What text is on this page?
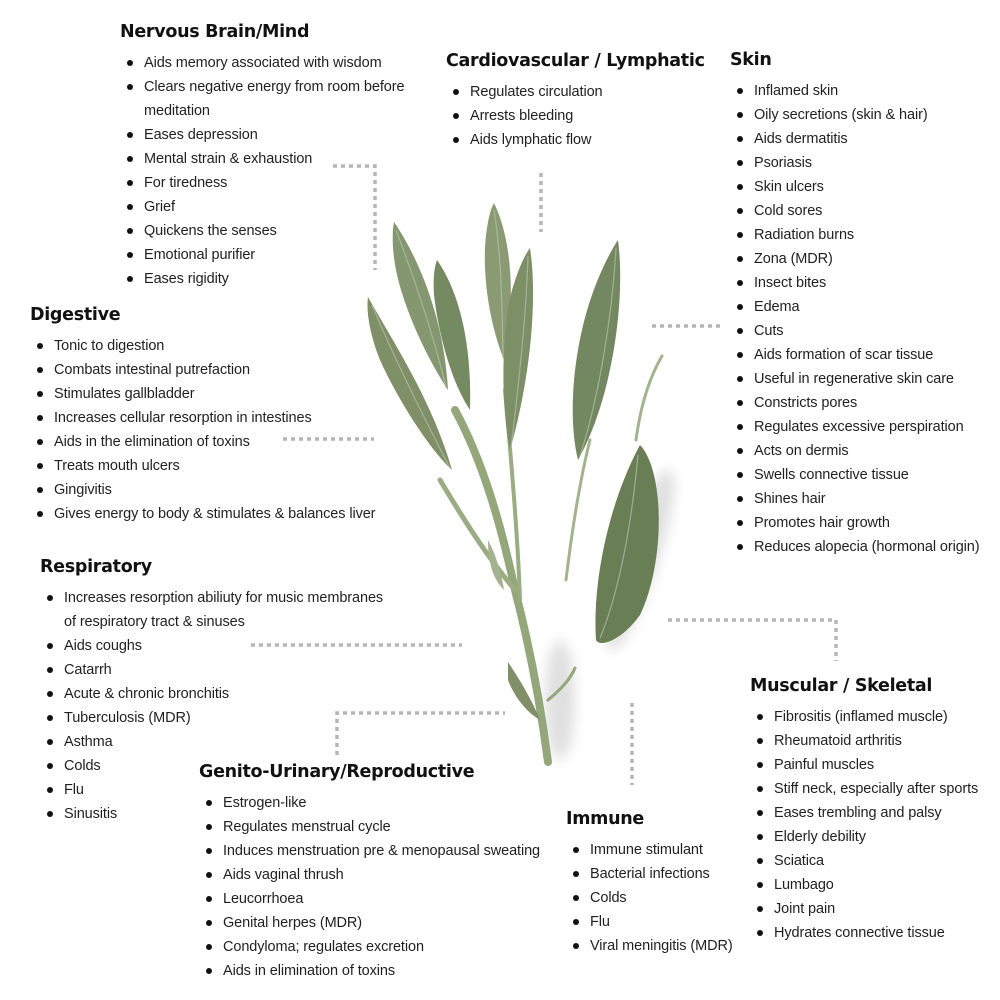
Nervous Brain/Mind
Aids memory associated with wisdom
Clears negative energy from room before meditation
Eases depression
Mental strain & exhaustion
For tiredness
Grief
Quickens the senses
Emotional purifier
Eases rigidity
Cardiovascular / Lymphatic
Regulates circulation
Arrests bleeding
Aids lymphatic flow
Skin
Inflamed skin
Oily secretions (skin & hair)
Aids dermatitis
Psoriasis
Skin ulcers
Cold sores
Radiation burns
Zona (MDR)
Insect bites
Edema
Cuts
Aids formation of scar tissue
Useful in regenerative skin care
Constricts pores
Regulates excessive perspiration
Acts on dermis
Swells connective tissue
Shines hair
Promotes hair growth
Reduces alopecia (hormonal origin)
Digestive
Tonic to digestion
Combats intestinal putrefaction
Stimulates gallbladder
Increases cellular resorption in intestines
Aids in the elimination of toxins
Treats mouth ulcers
Gingivitis
Gives energy to body & stimulates & balances liver
Respiratory
Increases resorption abiliuty for music membranes of respiratory tract & sinuses
Aids coughs
Catarrh
Acute & chronic bronchitis
Tuberculosis (MDR)
Asthma
Colds
Flu
Sinusitis
Genito-Urinary/Reproductive
Estrogen-like
Regulates menstrual cycle
Induces menstruation pre & menopausal sweating
Aids vaginal thrush
Leucorrhoea
Genital herpes (MDR)
Condyloma; regulates excretion
Aids in elimination of toxins
Immune
Immune stimulant
Bacterial infections
Colds
Flu
Viral meningitis (MDR)
Muscular / Skeletal
Fibrositis (inflamed muscle)
Rheumatoid arthritis
Painful muscles
Stiff neck, especially after sports
Eases trembling and palsy
Elderly debility
Sciatica
Lumbago
Joint pain
Hydrates connective tissue
